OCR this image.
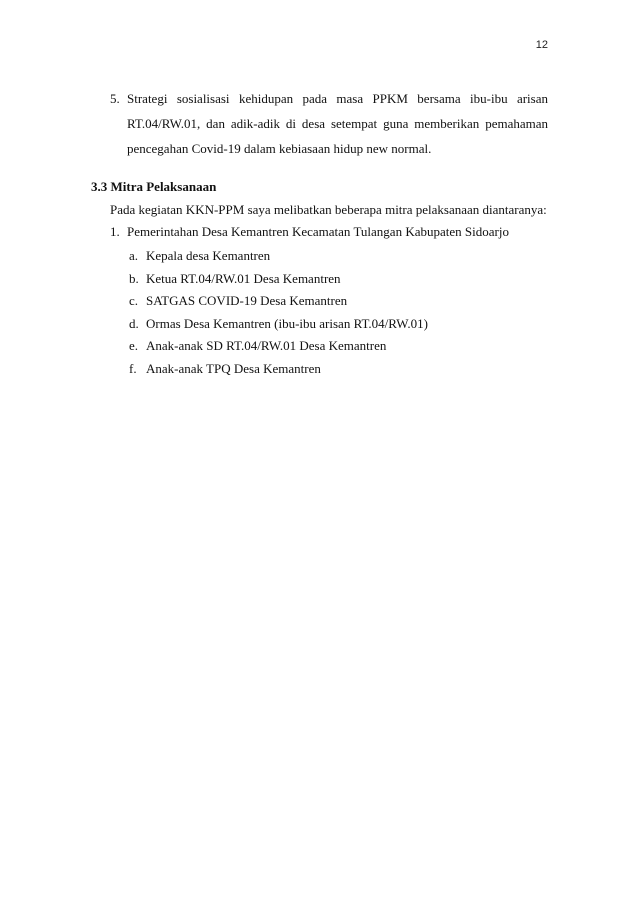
12
5. Strategi sosialisasi kehidupan pada masa PPKM bersama ibu-ibu arisan
RT.04/RW.01, dan adik-adik di desa setempat guna memberikan pemahaman
pencegahan Covid-19 dalam kebiasaan hidup new normal.
3.3 Mitra Pelaksanaan
Pada kegiatan KKN-PPM saya melibatkan beberapa mitra pelaksanaan diantaranya:
1. Pemerintahan Desa Kemantren Kecamatan Tulangan Kabupaten Sidoarjo
a. Kepala desa Kemantren
b. Ketua RT.04/RW.01 Desa Kemantren
c. SATGAS COVID-19 Desa Kemantren
d. Ormas Desa Kemantren (ibu-ibu arisan RT.04/RW.01)
e. Anak-anak SD RT.04/RW.01 Desa Kemantren
f. Anak-anak TPQ Desa Kemantren
